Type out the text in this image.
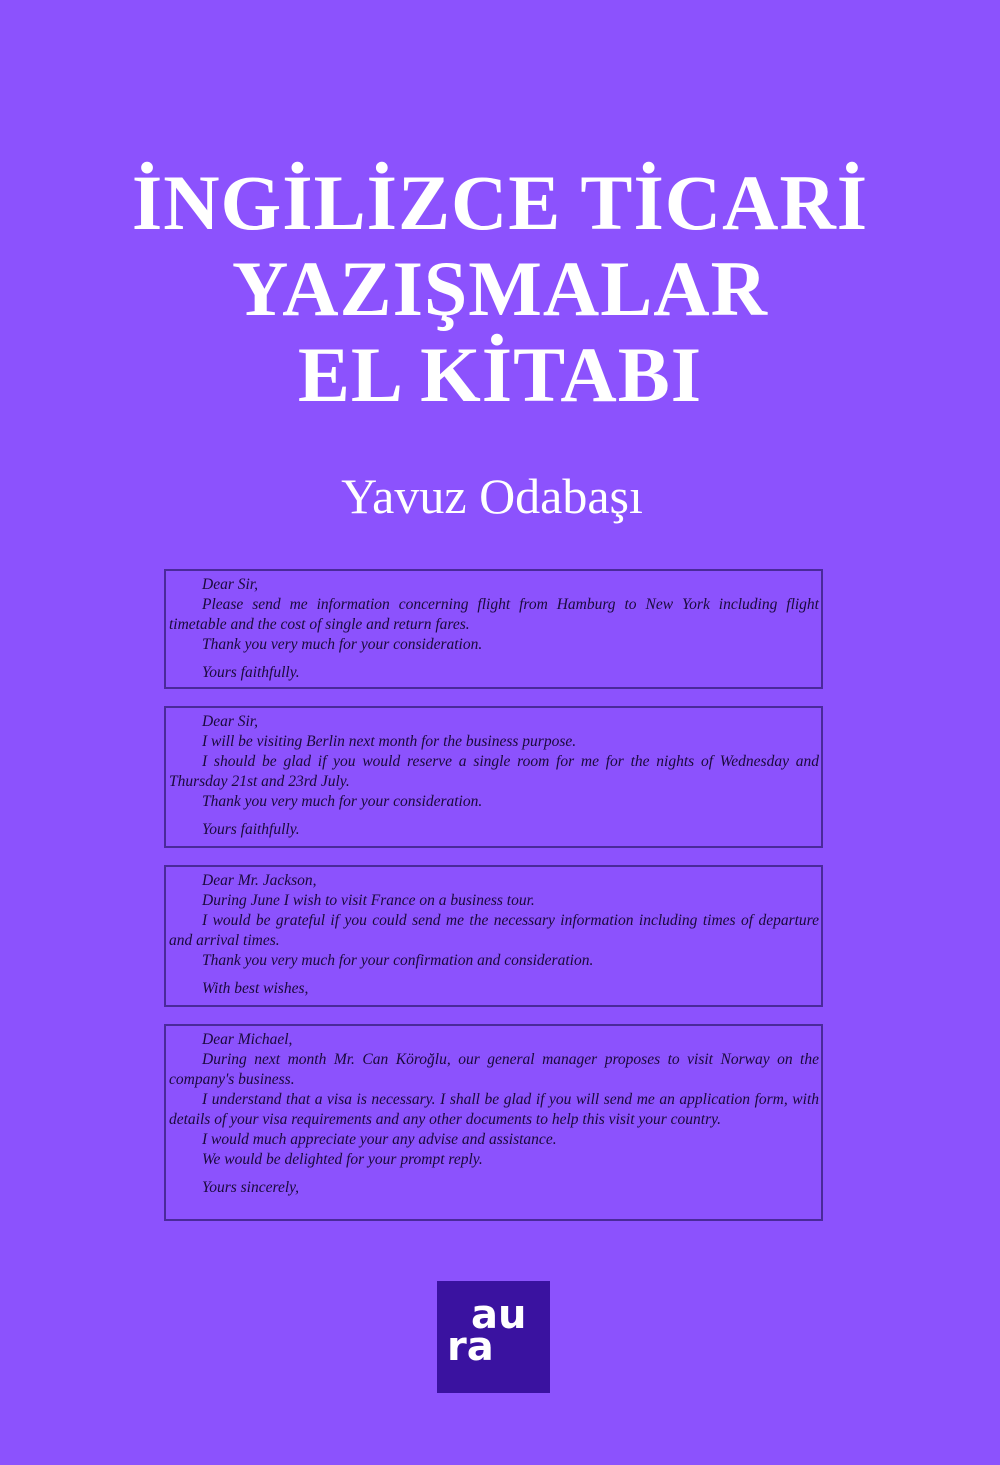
İNGİLİZCE TİCARİ
YAZIŞMALAR
EL KİTABI
Yavuz Odabaşı
Dear Sir,
Please send me information concerning flight from Hamburg to New York including flight timetable and the cost of single and return fares.
Thank you very much for your consideration.
Yours faithfully.
Dear Sir,
I will be visiting Berlin next month for the business purpose.
I should be glad if you would reserve a single room for me for the nights of Wednesday and Thursday 21st and 23rd July.
Thank you very much for your consideration.
Yours faithfully.
Dear Mr. Jackson,
During June I wish to visit France on a business tour.
I would be grateful if you could send me the necessary information including times of departure and arrival times.
Thank you very much for your confirmation and consideration.
With best wishes,
Dear Michael,
During next month Mr. Can Köroğlu, our general manager proposes to visit Norway on the company's business.
I understand that a visa is necessary. I shall be glad if you will send me an application form, with details of your visa requirements and any other documents to help this visit your country.
I would much appreciate your any advise and assistance.
We would be delighted for your prompt reply.
Yours sincerely,
au
ra
